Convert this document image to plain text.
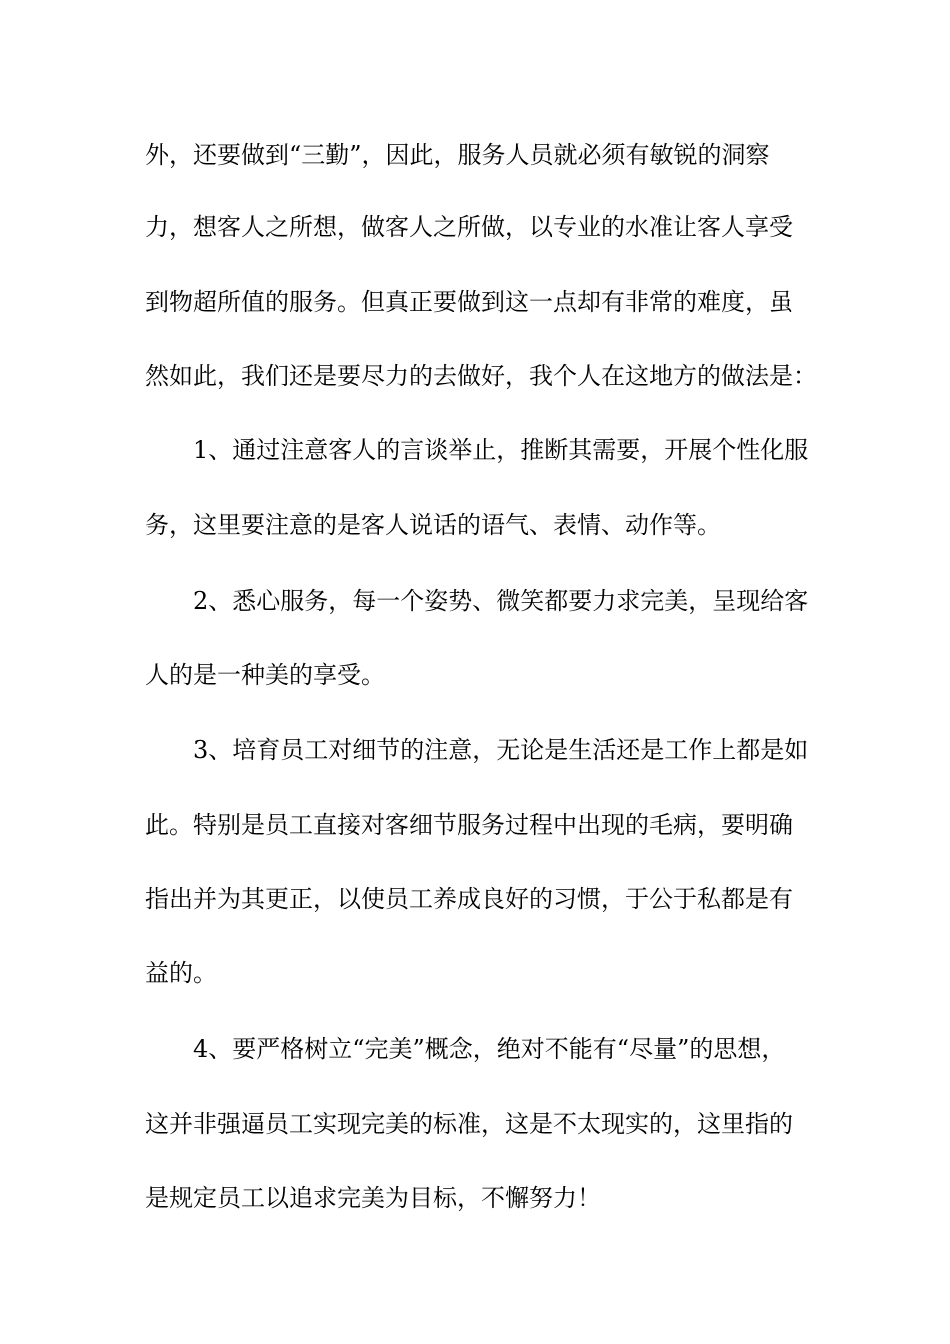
外，还要做到“三勤”，因此，服务人员就必须有敏锐的洞察
力，想客人之所想，做客人之所做，以专业的水准让客人享受
到物超所值的服务。但真正要做到这一点却有非常的难度，虽
然如此，我们还是要尽力的去做好，我个人在这地方的做法是：
1、通过注意客人的言谈举止，推断其需要，开展个性化服
务，这里要注意的是客人说话的语气、表情、动作等。
2、悉心服务，每一个姿势、微笑都要力求完美，呈现给客
人的是一种美的享受。
3、培育员工对细节的注意，无论是生活还是工作上都是如
此。特别是员工直接对客细节服务过程中出现的毛病，要明确
指出并为其更正，以使员工养成良好的习惯，于公于私都是有
益的。
4、要严格树立“完美”概念，绝对不能有“尽量”的思想，
这并非强逼员工实现完美的标准，这是不太现实的，这里指的
是规定员工以追求完美为目标，不懈努力！
